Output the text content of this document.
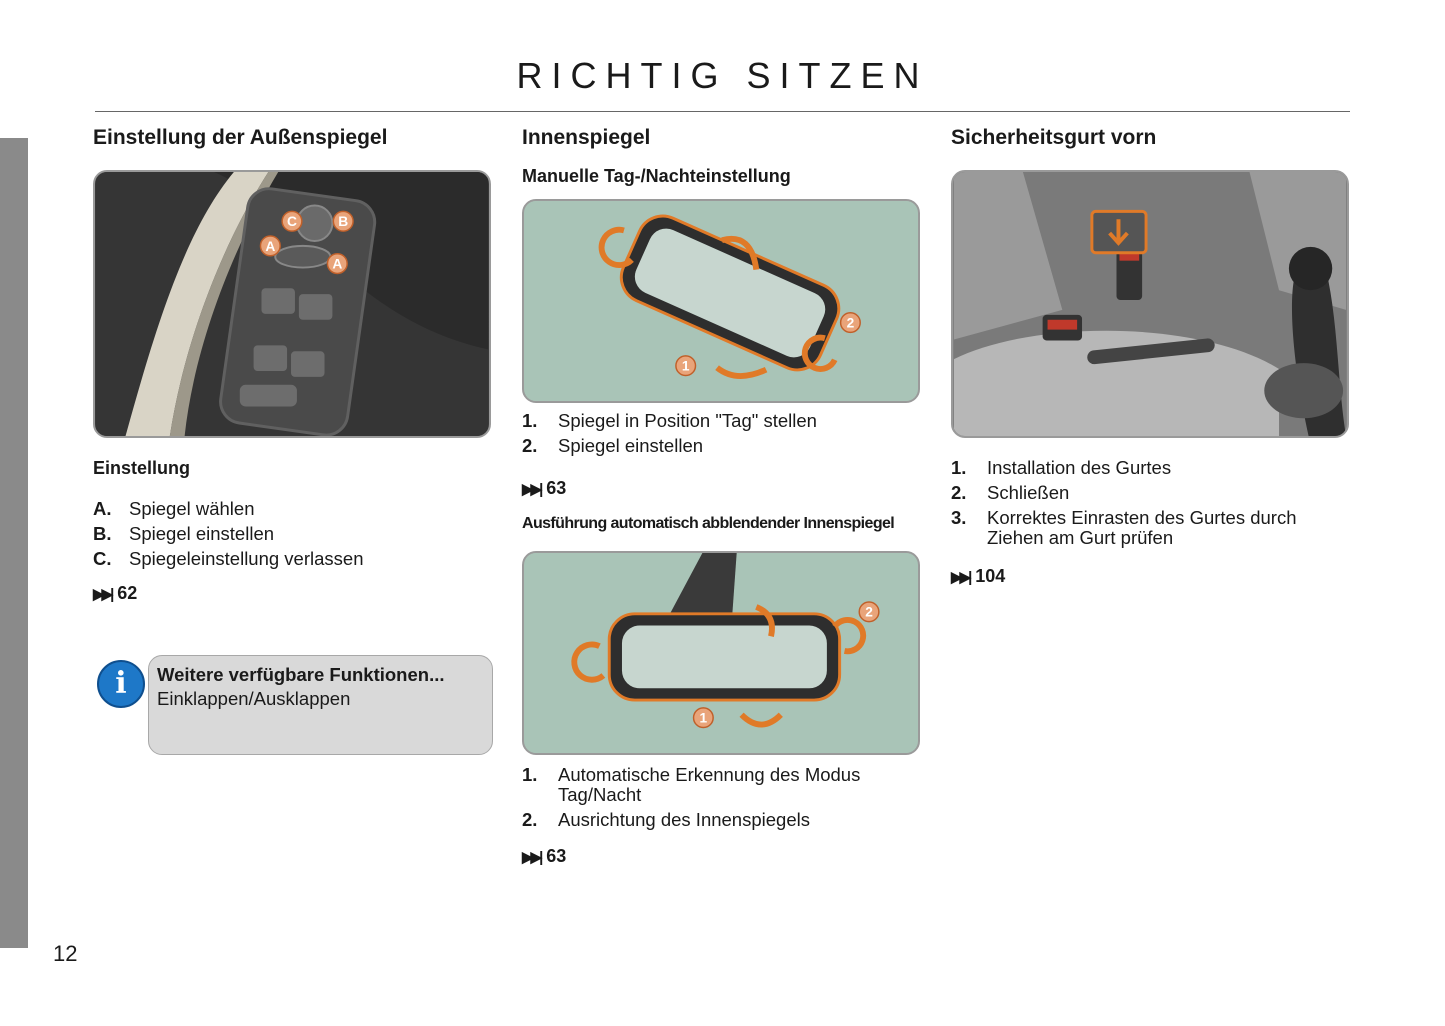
RICHTIG SITZEN
Einstellung der Außenspiegel
C	B
A
A
Einstellung
A. Spiegel wählen
B. Spiegel einstellen
C. Spiegeleinstellung verlassen
▶▶| 62
i	Weitere verfügbare Funktionen...
Einklappen/Ausklappen
Innenspiegel
Manuelle Tag-/Nachteinstellung
2
1
1.	Spiegel in Position "Tag" stellen
2.	Spiegel einstellen
▶▶| 63
Ausführung automatisch abblendender Innenspiegel
2
1
1.	Automatische Erkennung des Modus Tag/Nacht
2.	Ausrichtung des Innenspiegels
▶▶| 63
Sicherheitsgurt vorn
1.	Installation des Gurtes
2.	Schließen
3.	Korrektes Einrasten des Gurtes durch Ziehen am Gurt prüfen
▶▶| 104
12
